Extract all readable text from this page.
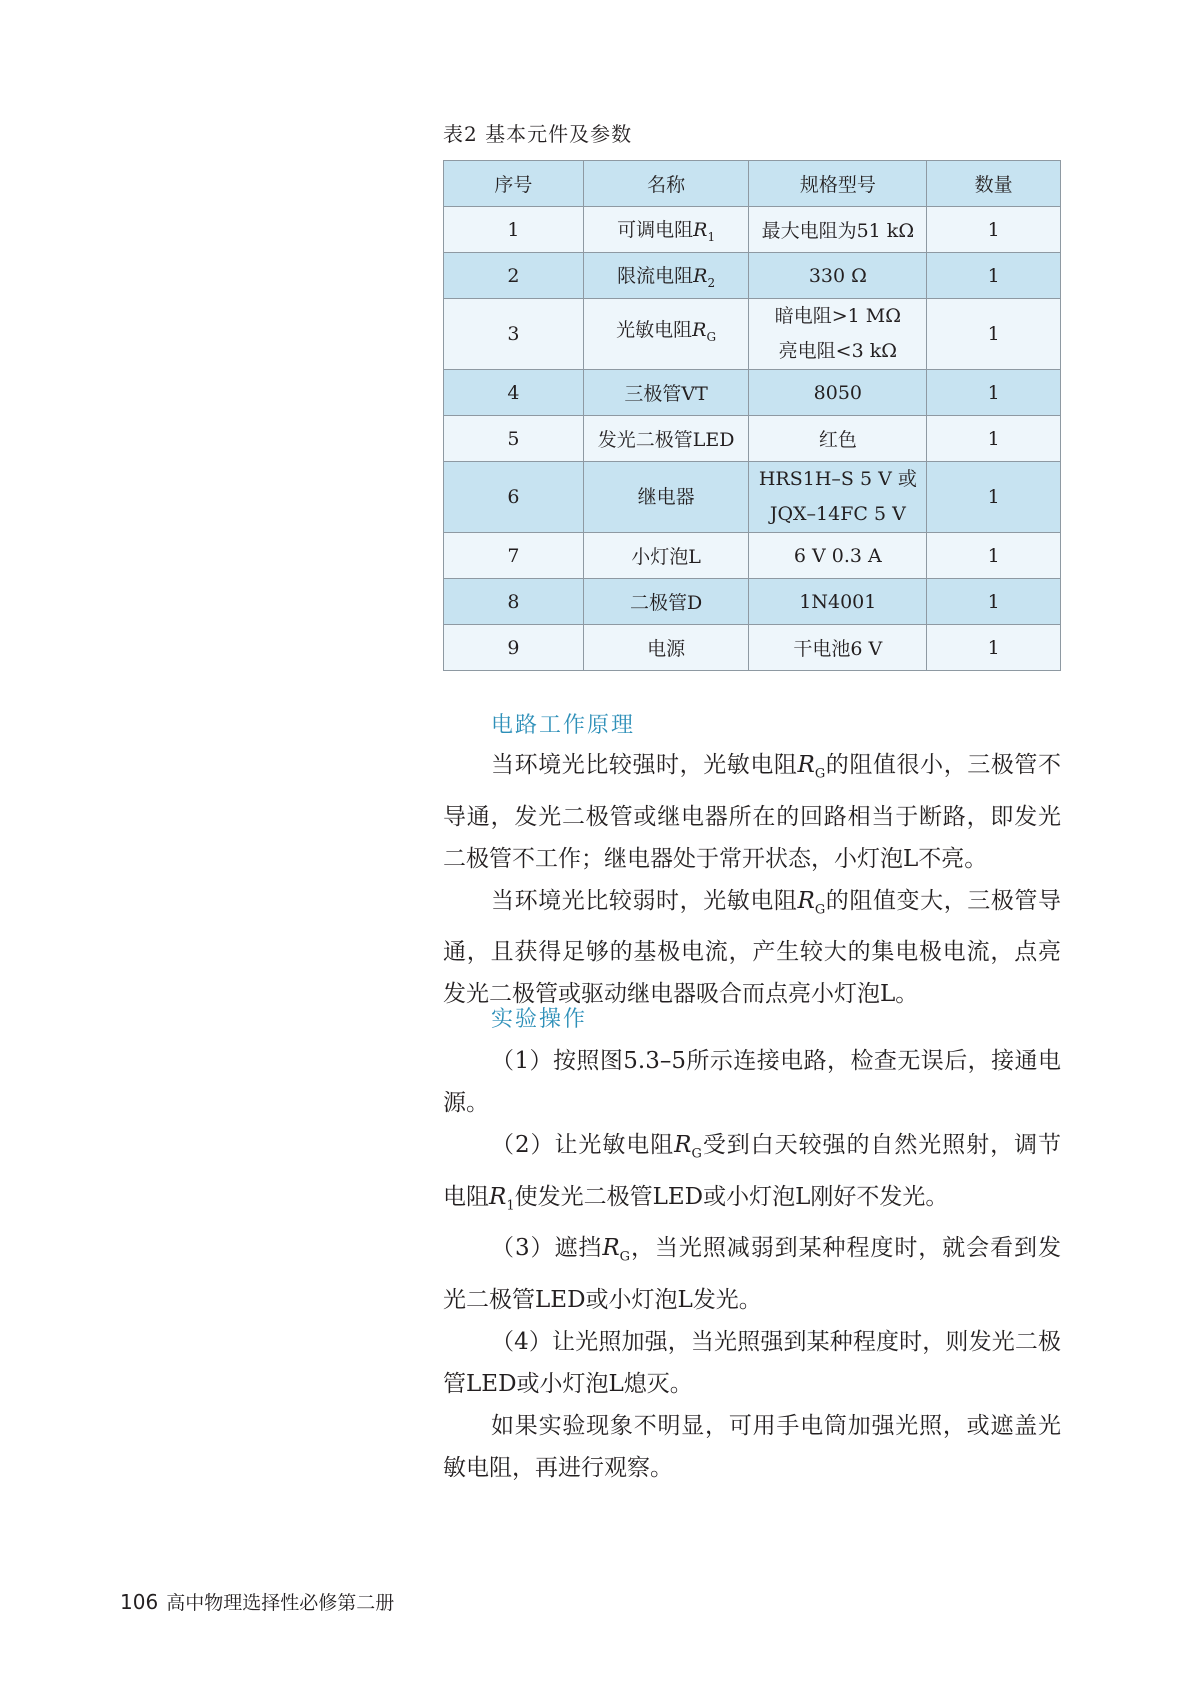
表2 基本元件及参数
序号	名称	规格型号	数量
1	可调电阻$R_1$	最大电阻为51 kΩ	1
2	限流电阻$R_2$	330 Ω	1
3	光敏电阻$R_G$	暗电阻>1 MΩ
亮电阻<3 kΩ	1
4	三极管VT	8050	1
5	发光二极管LED	红色	1
6	继电器	HRS1H–S 5 V 或
JQX–14FC 5 V	1
7	小灯泡L	6 V 0.3 A	1
8	二极管D	1N4001	1
9	电源	干电池6 V	1
电路工作原理

当环境光比较强时，光敏电阻$R_G$的阻值很小，三极管不导通，发光二极管或继电器所在的回路相当于断路，即发光二极管不工作；继电器处于常开状态，小灯泡L不亮。

当环境光比较弱时，光敏电阻$R_G$的阻值变大，三极管导通，且获得足够的基极电流，产生较大的集电极电流，点亮发光二极管或驱动继电器吸合而点亮小灯泡L。

实验操作

（1）按照图5.3–5所示连接电路，检查无误后，接通电源。

（2）让光敏电阻$R_G$受到白天较强的自然光照射，调节电阻$R_1$使发光二极管LED或小灯泡L刚好不发光。

（3）遮挡$R_G$，当光照减弱到某种程度时，就会看到发光二极管LED或小灯泡L发光。

（4）让光照加强，当光照强到某种程度时，则发光二极管LED或小灯泡L熄灭。

如果实验现象不明显，可用手电筒加强光照，或遮盖光敏电阻，再进行观察。

106 高中物理选择性必修第二册
